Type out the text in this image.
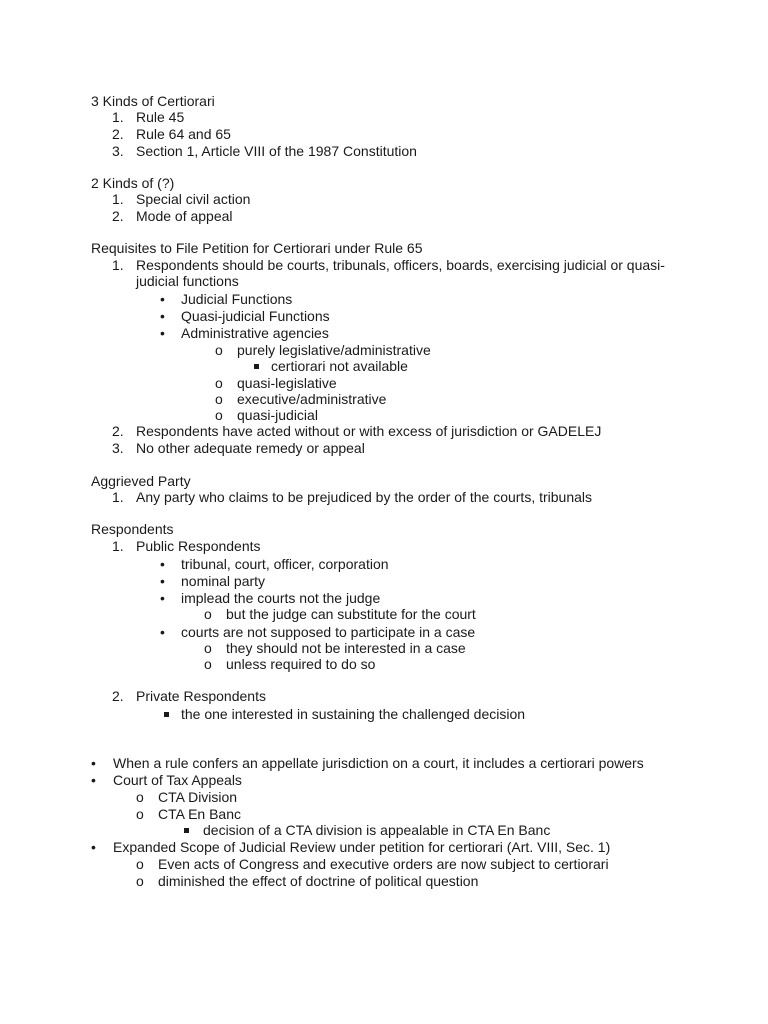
3 Kinds of Certiorari
1. Rule 45
2. Rule 64 and 65
3. Section 1, Article VIII of the 1987 Constitution
2 Kinds of (?)
1. Special civil action
2. Mode of appeal
Requisites to File Petition for Certiorari under Rule 65
1. Respondents should be courts, tribunals, officers, boards, exercising judicial or quasi-
judicial functions
• Judicial Functions
• Quasi-judicial Functions
• Administrative agencies
o purely legislative/administrative
certiorari not available
o quasi-legislative
o executive/administrative
o quasi-judicial
2. Respondents have acted without or with excess of jurisdiction or GADELEJ
3. No other adequate remedy or appeal
Aggrieved Party
1. Any party who claims to be prejudiced by the order of the courts, tribunals
Respondents
1. Public Respondents
• tribunal, court, officer, corporation
• nominal party
• implead the courts not the judge
o but the judge can substitute for the court
• courts are not supposed to participate in a case
o they should not be interested in a case
o unless required to do so
2. Private Respondents
the one interested in sustaining the challenged decision
• When a rule confers an appellate jurisdiction on a court, it includes a certiorari powers
• Court of Tax Appeals
o CTA Division
o CTA En Banc
decision of a CTA division is appealable in CTA En Banc
• Expanded Scope of Judicial Review under petition for certiorari (Art. VIII, Sec. 1)
o Even acts of Congress and executive orders are now subject to certiorari
o diminished the effect of doctrine of political question
